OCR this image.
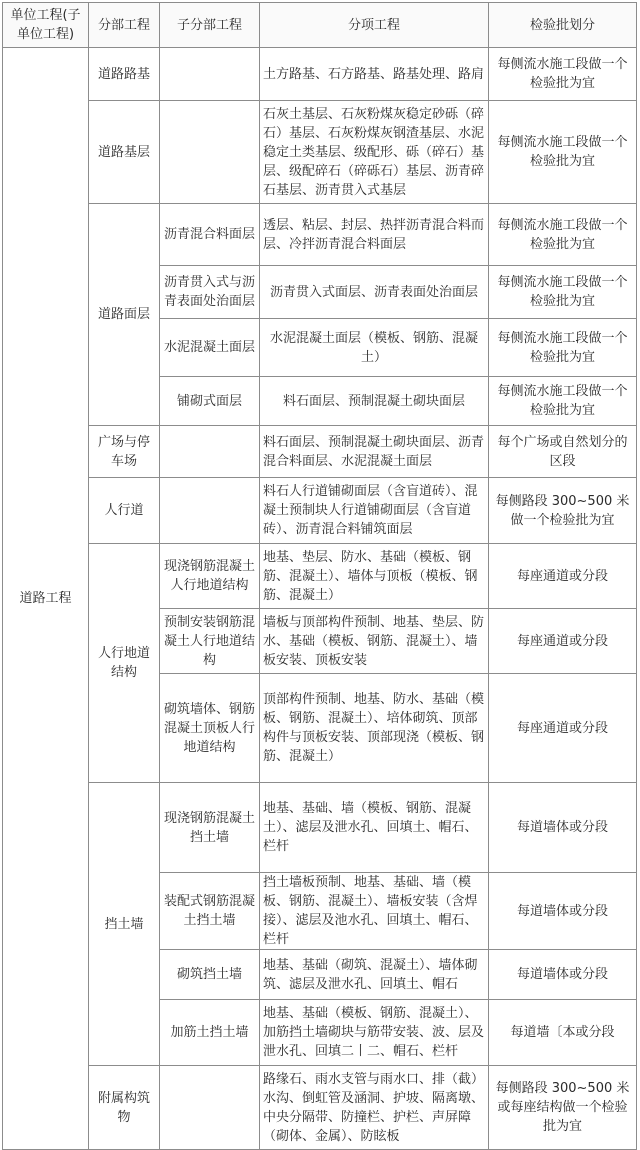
单位工程(子单位工程)	分部工程	子分部工程	分项工程	检验批划分
道路工程	道路路基		土方路基、石方路基、路基处理、路肩	每侧流水施工段做一个检验批为宜
	道路基层		石灰土基层、石灰粉煤灰稳定砂砾（碎石）基层、石灰粉煤灰钢渣基层、水泥稳定土类基层、级配形、砾（碎石）基层、级配碎石（碎砾石）基层、沥青碎石基层、沥青贯入式基层	每侧流水施工段做一个检验批为宜
	道路面层	沥青混合料面层	透层、粘层、封层、热拌沥青混合料而层、冷拌沥青混合料面层	每侧流水施工段做一个检验批为宜
		沥青贯入式与沥青表面处治面层	沥青贯入式面层、沥青表面处治面层	每侧流水施工段做一个检验批为宜
		水泥混凝土面层	水泥混凝土面层（模板、钢筋、混凝土）	每侧流水施工段做一个检验批为宜
		铺砌式面层	料石面层、预制混凝土砌块面层	每侧流水施工段做一个检验批为宜
	广场与停车场		料石面层、预制混凝土砌块面层、沥青混合料面层、水泥混凝土面层	每个广场或自然划分的区段
	人行道		料石人行道铺砌面层（含盲道砖）、混凝土预制块人行道铺砌面层（含盲道砖）、沥青混合料铺筑面层	每侧路段 300~500 米做一个检验批为宜
	人行地道结构	现浇钢筋混凝土人行地道结构	地基、垫层、防水、基础（模板、钢筋、混凝土）、墙体与顶板（模板、钢筋、混凝土）	每座通道或分段
		预制安装钢筋混凝土人行地道结构	墙板与顶部构件预制、地基、垫层、防水、基础（模板、钢筋、混凝土）、墙板安装、顶板安装	每座通道或分段
		砌筑墙体、钢筋混凝土顶板人行地道结构	顶部构件预制、地基、防水、基础（模板、钢筋、混凝土）、培体砌筑、顶部构件与顶板安装、顶部现浇（模板、钢筋、混凝土）	每座通道或分段
	挡土墙	现浇钢筋混凝土挡土墙	地基、基础、墙（模板、钢筋、混凝土）、滤层及泄水孔、回填土、帽石、栏杆	每道墙体或分段
		装配式钢筋混凝土挡土墙	挡土墙板预制、地基、基础、墙（模板、钢筋、混凝土）、墙板安装（含焊接）、滤层及池水孔、回填土、帽石、栏杆	每道墙体或分段
		砌筑挡土墙	地基、基础（砌筑、混凝土）、墙体砌筑、滤层及泄水孔、回填土、帽石	每道墙体或分段
		加筋土挡土墙	地基、基础（模板、钢筋、混凝土）、加筋挡土墙砌块与筋带安装、波、层及泄水孔、回填二丨二、帽石、栏杆	每道墙〔本或分段
	附属构筑物		路缘石、雨水支管与雨水口、排（截）水沟、倒虹管及涵洞、护坡、隔离墩、中央分隔带、防撞栏、护栏、声屏障（砌体、金属）、防眩板	每侧路段 300~500 米或每座结构做一个检验批为宜
